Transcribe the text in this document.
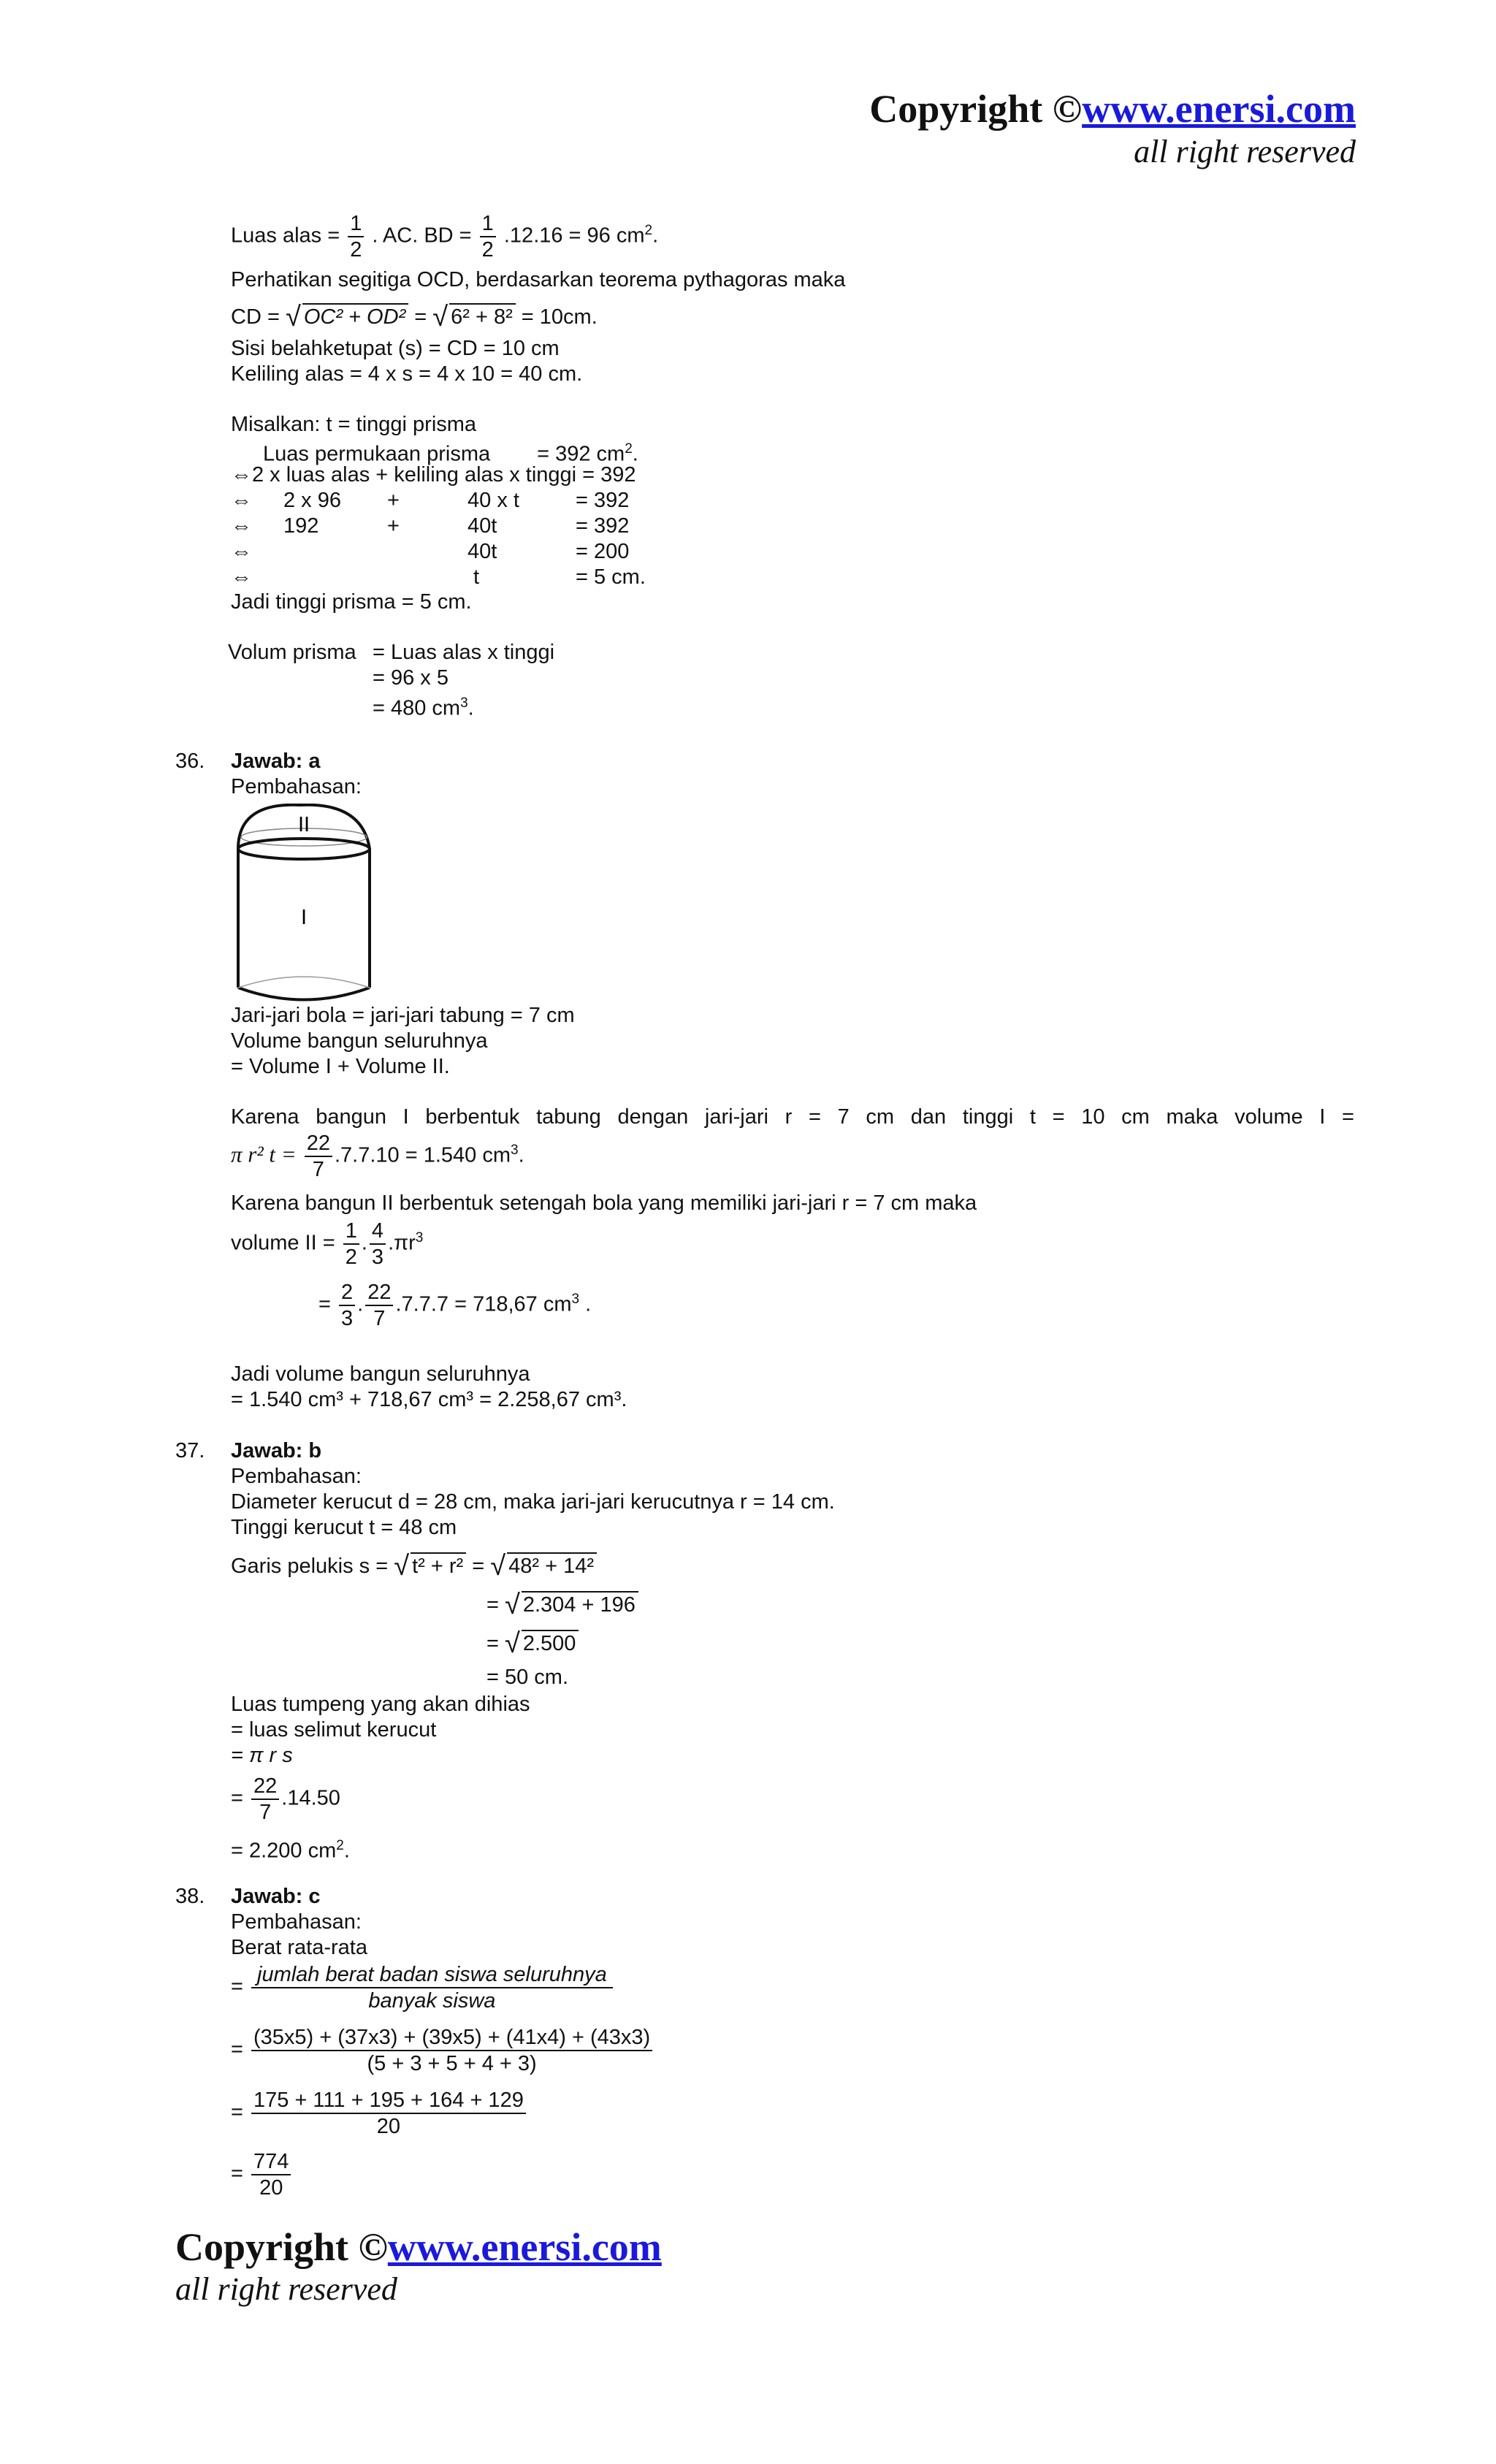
Copyright ©www.enersi.com
all right reserved
Luas alas = $\frac{1}{2}$ . AC. BD = $\frac{1}{2} .12.16 = 96$ $cm^2$.
Perhatikan segitiga OCD, berdasarkan teorema pythagoras maka
CD = √ OC² + OD² = √ 6² + 8² = 10cm.
Sisi belahketupat (s) = CD = 10 cm
Keliling alas = 4 x s = 4 x 10 = 40 cm.
Misalkan: t = tinggi prisma
Luas permukaan prisma = 392 $cm^2$.
⇔2 x luas alas + keliling alas x tinggi = 392
⇔ 2 x 96 +	40 x t	= 392
⇔ 192	+	40t	= 392
⇔	40t	= 200
⇔	t	= 5 cm.
Jadi tinggi prisma = 5 cm.
Volum prisma = Luas alas x tinggi
= 96 x 5
= 480 $cm^3$.
36. Jawab: a
Pembahasan:
II
I
Jari-jari bola = jari-jari tabung = 7 cm
Volume bangun seluruhnya
= Volume I + Volume II.
Karena bangun I berbentuk tabung dengan jari-jari r = 7 cm dan tinggi t = 10 cm maka volume I =
π r² $t = \frac{22}{7} .7.7.10 = 1.540$ $cm^3$.
Karena bangun II berbentuk setengah bola yang memiliki jari-jari r = 7 cm maka
volume II = $\frac{1}{2}$ . $\frac{4}{3} .\pi r^3$
= $\frac{2}{3}$ . $\frac{22}{7} .7.7.7 = 718,67$ $cm^3$ .
Jadi volume bangun seluruhnya
= 1.540 cm³ + 718,67 cm³ = 2.258,67 cm³.
37. Jawab: b
Pembahasan:
Diameter kerucut d = 28 cm, maka jari-jari kerucutnya r = 14 cm.
Tinggi kerucut t = 48 cm
Garis pelukis s = √ t² + r² = √ 48² + 14²
= √ 2.304 + 196
= √ 2.500
= 50 cm.
Luas tumpeng yang akan dihias
= luas selimut kerucut
= π r s
= $\frac{22}{7} .14.50$
= 2.200 $cm^2$.
38. Jawab: c
Pembahasan:
Berat rata-rata
= $\frac{\text{jumlah berat badan siswa seluruhnya}}{\text{banyak siswa}}$
= $\frac{(35x5) + (37x3) + (39x5) + (41x4) + (43x3)}{(5 + 3 + 5 + 4 + 3)}$
= $\frac{175 + 111 + 195 + 164 + 129}{20}$
= $\frac{774}{20}$
Copyright ©www.enersi.com
all right reserved
